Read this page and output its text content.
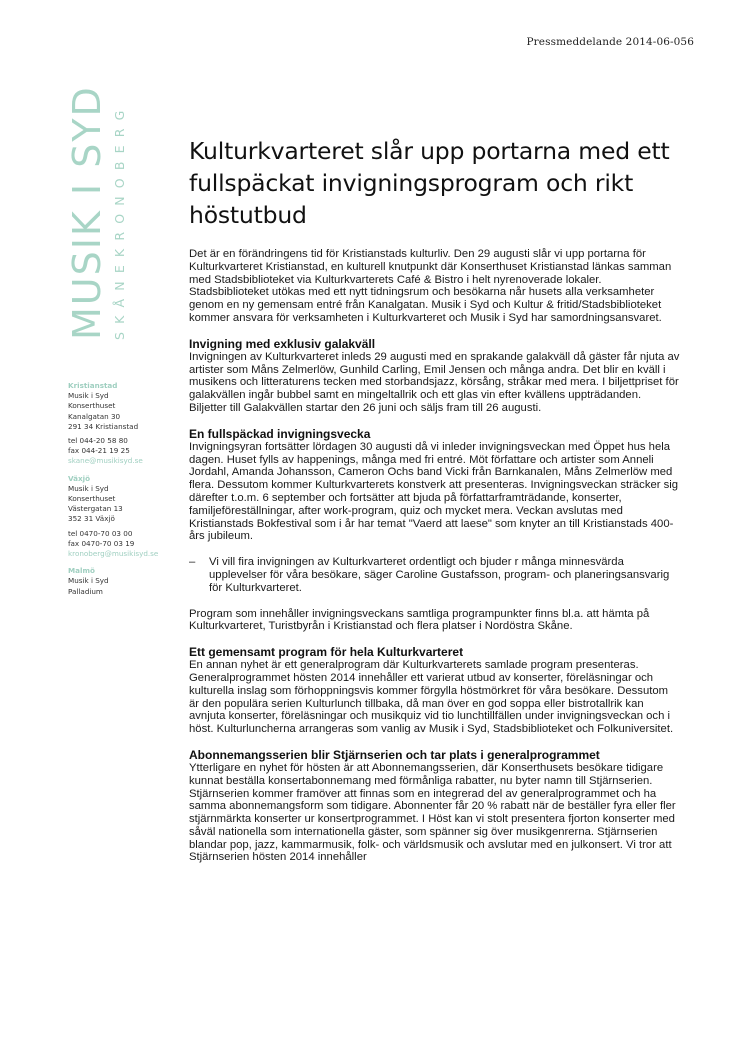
Pressmeddelande 2014-06-056
MUSIK I SYD SKÅNEKRONOBERG
Kristianstad
Musik i Syd
Konserthuset
Kanalgatan 30
291 34 Kristianstad
tel 044-20 58 80
fax 044-21 19 25
skane@musikisyd.se
Växjö
Musik i Syd
Konserthuset
Västergatan 13
352 31 Växjö
tel 0470-70 03 00
fax 0470-70 03 19
kronoberg@musikisyd.se
Malmö
Musik i Syd
Palladium
Kulturkvarteret slår upp portarna med ett fullspäckat invigningsprogram och rikt höstutbud

Det är en förändringens tid för Kristianstads kulturliv. Den 29 augusti slår vi upp portarna för Kulturkvarteret Kristianstad, en kulturell knutpunkt där Konserthuset Kristianstad länkas samman med Stadsbiblioteket via Kulturkvarterets Café & Bistro i helt nyrenoverade lokaler. Stadsbiblioteket utökas med ett nytt tidningsrum och besökarna når husets alla verksamheter genom en ny gemensam entré från Kanalgatan. Musik i Syd och Kultur & fritid/Stadsbiblioteket kommer ansvara för verksamheten i Kulturkvarteret och Musik i Syd har samordningsansvaret.

Invigning med exklusiv galakväll

Invigningen av Kulturkvarteret inleds 29 augusti med en sprakande galakväll då gäster får njuta av artister som Måns Zelmerlöw, Gunhild Carling, Emil Jensen och många andra. Det blir en kväll i musikens och litteraturens tecken med storbandsjazz, körsång, stråkar med mera. I biljettpriset för galakvällen ingår bubbel samt en mingeltallrik och ett glas vin efter kvällens uppträdanden. Biljetter till Galakvällen startar den 26 juni och säljs fram till 26 augusti.

En fullspäckad invigningsvecka

Invigningsyran fortsätter lördagen 30 augusti då vi inleder invigningsveckan med Öppet hus hela dagen. Huset fylls av happenings, många med fri entré. Möt författare och artister som Anneli Jordahl, Amanda Johansson, Cameron Ochs band Vicki från Barnkanalen, Måns Zelmerlöw med flera. Dessutom kommer Kulturkvarterets konstverk att presenteras. Invigningsveckan sträcker sig därefter t.o.m. 6 september och fortsätter att bjuda på författarframträdande, konserter, familjeföreställningar, after work-program, quiz och mycket mera. Veckan avslutas med Kristianstads Bokfestival som i år har temat "Vaerd att laese" som knyter an till Kristianstads 400-års jubileum.

– Vi vill fira invigningen av Kulturkvarteret ordentligt och bjuder r många minnesvärda upplevelser för våra besökare, säger Caroline Gustafsson, program- och planeringsansvarig för Kulturkvarteret.

Program som innehåller invigningsveckans samtliga programpunkter finns bl.a. att hämta på Kulturkvarteret, Turistbyrån i Kristianstad och flera platser i Nordöstra Skåne.

Ett gemensamt program för hela Kulturkvarteret

En annan nyhet är ett generalprogram där Kulturkvarterets samlade program presenteras. Generalprogrammet hösten 2014 innehåller ett varierat utbud av konserter, föreläsningar och kulturella inslag som förhoppningsvis kommer förgylla höstmörkret för våra besökare. Dessutom är den populära serien Kulturlunch tillbaka, då man över en god soppa eller bistrotallrik kan avnjuta konserter, föreläsningar och musikquiz vid tio lunchtillfällen under invigningsveckan och i höst. Kulturluncherna arrangeras som vanlig av Musik i Syd, Stadsbiblioteket och Folkuniversitet.

Abonnemangsserien blir Stjärnserien och tar plats i generalprogrammet

Ytterligare en nyhet för hösten är att Abonnemangsserien, där Konserthusets besökare tidigare kunnat beställa konsertabonnemang med förmånliga rabatter, nu byter namn till Stjärnserien. Stjärnserien kommer framöver att finnas som en integrerad del av generalprogrammet och ha samma abonnemangsform som tidigare. Abonnenter får 20 % rabatt när de beställer fyra eller fler stjärnmärkta konserter ur konsertprogrammet. I Höst kan vi stolt presentera fjorton konserter med såväl nationella som internationella gäster, som spänner sig över musikgenrerna. Stjärnserien blandar pop, jazz, kammarmusik, folk- och världsmusik och avslutar med en julkonsert. Vi tror att Stjärnserien hösten 2014 innehåller
